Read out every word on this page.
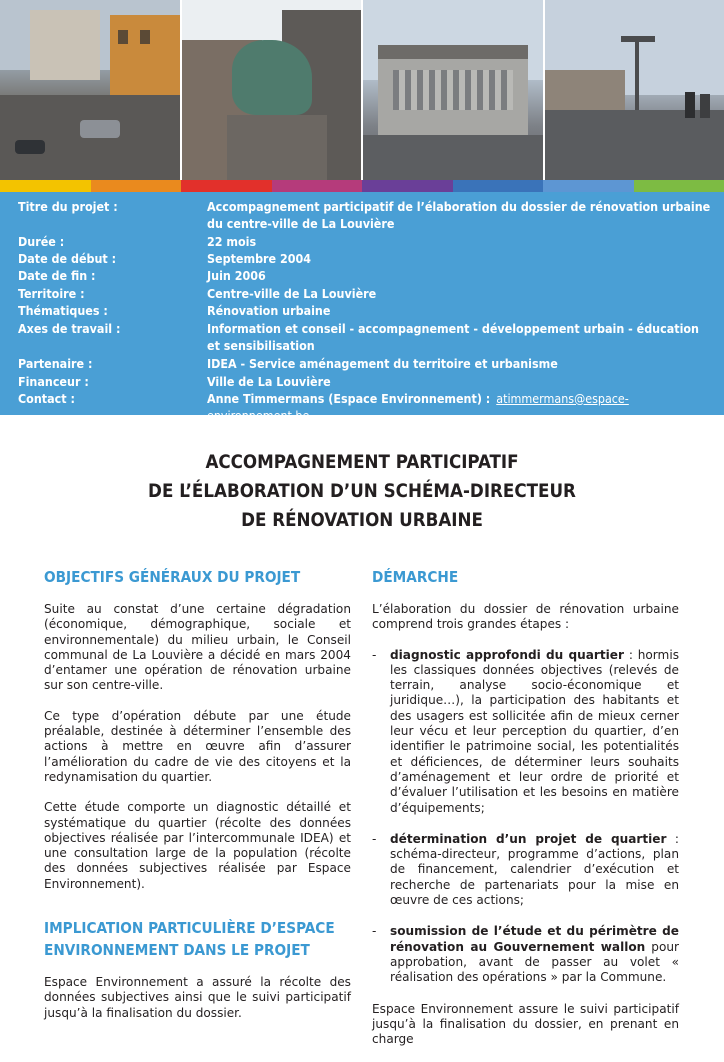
Titre du projet :	Accompagnement participatif de l’élaboration du dossier de rénovation urbaine du centre-ville de La Louvière
Durée :	22 mois
Date de début :	Septembre 2004
Date de fin :	Juin 2006
Territoire :	Centre-ville de La Louvière
Thématiques :	Rénovation urbaine
Axes de travail :	Information et conseil - accompagnement - développement urbain - éducation et sensibilisation
Partenaire :	IDEA - Service aménagement du territoire et urbanisme
Financeur :	Ville de La Louvière
Contact :	Anne Timmermans (Espace Environnement) : atimmermans@espace-environnement.be
ACCOMPAGNEMENT PARTICIPATIF
DE L’ÉLABORATION D’UN SCHÉMA-DIRECTEUR
DE RÉNOVATION URBAINE
OBJECTIFS GÉNÉRAUX DU PROJET

Suite au constat d’une certaine dégradation (économique, démographique, sociale et environnementale) du milieu urbain, le Conseil communal de La Louvière a décidé en mars 2004 d’entamer une opération de rénovation urbaine sur son centre-ville.

Ce type d’opération débute par une étude préalable, destinée à déterminer l’ensemble des actions à mettre en œuvre afin d’assurer l’amélioration du cadre de vie des citoyens et la redynamisation du quartier.

Cette étude comporte un diagnostic détaillé et systématique du quartier (récolte des données objectives réalisée par l’intercommunale IDEA) et une consultation large de la population (récolte des données subjectives réalisée par Espace Environnement).

IMPLICATION PARTICULIÈRE D’ESPACE ENVIRONNEMENT DANS LE PROJET

Espace Environnement a assuré la récolte des données subjectives ainsi que le suivi participatif jusqu’à la finalisation du dossier.

DÉMARCHE

L’élaboration du dossier de rénovation urbaine comprend trois grandes étapes :

- diagnostic approfondi du quartier : hormis les classiques données objectives (relevés de terrain, analyse socio-économique et juridique…), la participation des habitants et des usagers est sollicitée afin de mieux cerner leur vécu et leur perception du quartier, d’en identifier le patrimoine social, les potentialités et déficiences, de déterminer leurs souhaits d’aménagement et leur ordre de priorité et d’évaluer l’utilisation et les besoins en matière d’équipements;
- détermination d’un projet de quartier : schéma-directeur, programme d’actions, plan de financement, calendrier d’exécution et recherche de partenariats pour la mise en œuvre de ces actions;
- soumission de l’étude et du périmètre de rénovation au Gouvernement wallon pour approbation, avant de passer au volet « réalisation des opérations » par la Commune.

Espace Environnement assure le suivi participatif jusqu’à la finalisation du dossier, en prenant en charge
